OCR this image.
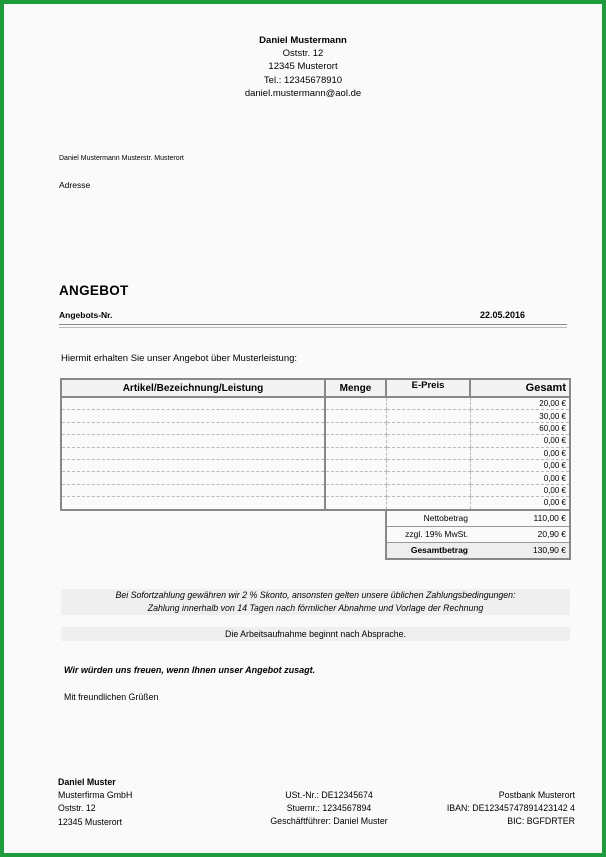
Daniel Mustermann
Oststr. 12
12345 Musterort
Tel.: 12345678910
daniel.mustermann@aol.de
Daniel Mustermann Musterstr. Musterort
Adresse
ANGEBOT
Angebots-Nr.	22.05.2016
Hiermit erhalten Sie unser Angebot über Musterleistung:
Artikel/Bezeichnung/Leistung	Menge	E-Preis	Gesamt
			20,00 €
			30,00 €
			60,00 €
			0,00 €
			0,00 €
			0,00 €
			0,00 €
			0,00 €
			0,00 €
		Nettobetrag	110,00 €
		zzgl. 19% MwSt.	20,90 €
		Gesamtbetrag	130,90 €
Bei Sofortzahlung gewähren wir 2 % Skonto, ansonsten gelten unsere üblichen Zahlungsbedingungen:
Zahlung innerhalb von 14 Tagen nach förmlicher Abnahme und Vorlage der Rechnung
Die Arbeitsaufnahme beginnt nach Absprache.
Wir würden uns freuen, wenn Ihnen unser Angebot zusagt.
Mit freundlichen Grüßen
Daniel Muster
Musterfirma GmbH
Oststr. 12
12345 Musterort
USt.-Nr.: DE12345674
Stuernr.: 1234567894
Geschäftführer: Daniel Muster
Postbank Musterort
IBAN: DE12345747891423142 4
BIC: BGFDRTER
